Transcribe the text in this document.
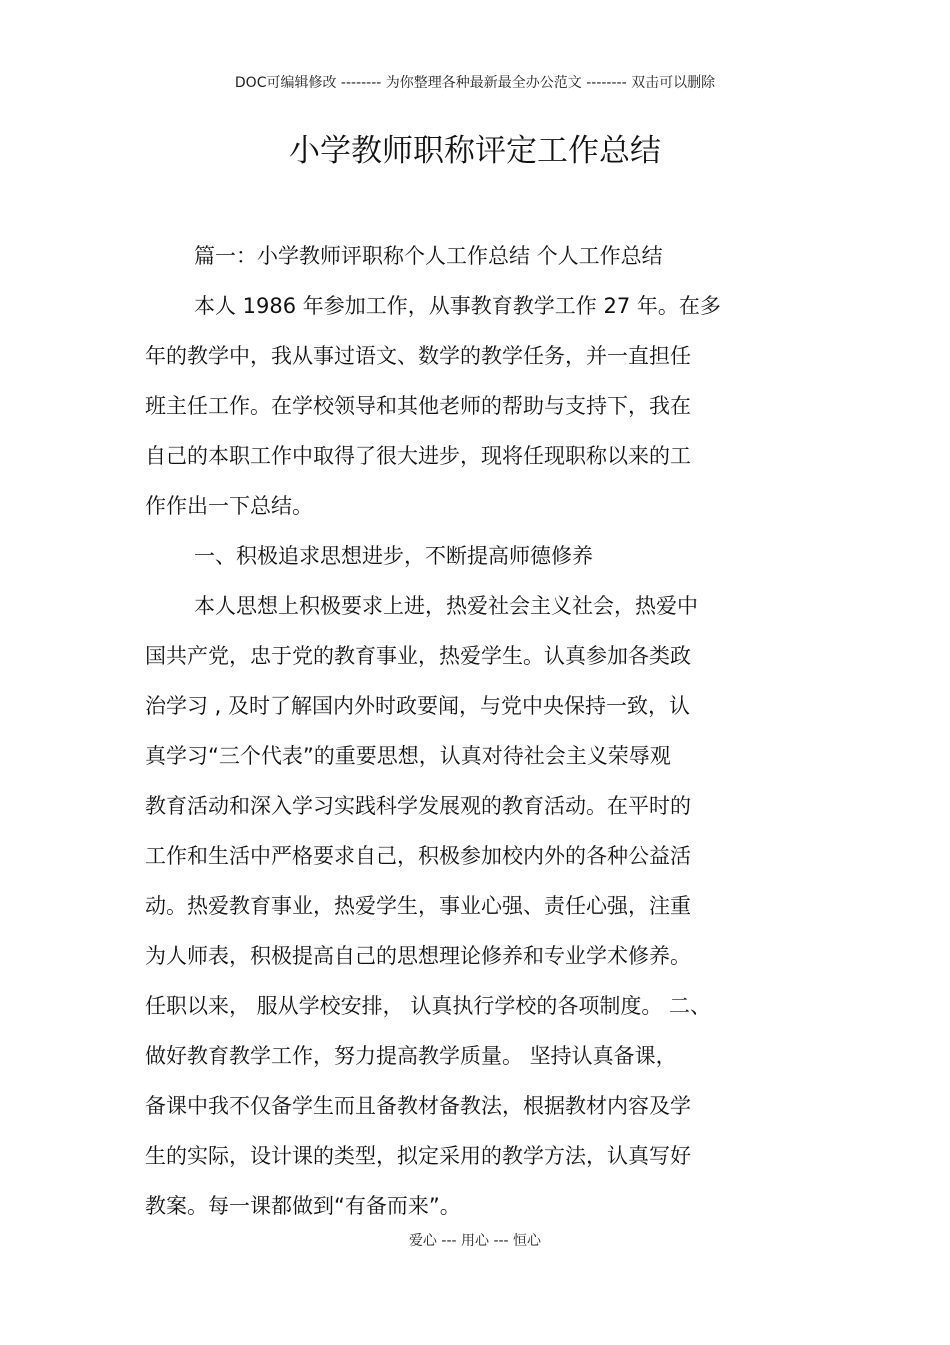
DOC可编辑修改 -------- 为你整理各种最新最全办公范文 -------- 双击可以删除
小学教师职称评定工作总结
篇一：小学教师评职称个人工作总结 个人工作总结
本人 1986 年参加工作，从事教育教学工作 27 年。在多
年的教学中，我从事过语文、数学的教学任务，并一直担任
班主任工作。在学校领导和其他老师的帮助与支持下，我在
自己的本职工作中取得了很大进步，现将任现职称以来的工
作作出一下总结。
一、积极追求思想进步，不断提高师德修养
本人思想上积极要求上进，热爱社会主义社会，热爱中
国共产党，忠于党的教育事业，热爱学生。认真参加各类政
治学习 , 及时了解国内外时政要闻，与党中央保持一致，认
真学习“三个代表”的重要思想，认真对待社会主义荣辱观
教育活动和深入学习实践科学发展观的教育活动。在平时的
工作和生活中严格要求自己，积极参加校内外的各种公益活
动。热爱教育事业，热爱学生，事业心强、责任心强，注重
为人师表，积极提高自己的思想理论修养和专业学术修养。
任职以来， 服从学校安排， 认真执行学校的各项制度。 二、
做好教育教学工作，努力提高教学质量。 坚持认真备课，
备课中我不仅备学生而且备教材备教法，根据教材内容及学
生的实际，设计课的类型，拟定采用的教学方法，认真写好
教案。每一课都做到“有备而来”。
爱心 --- 用心 --- 恒心
